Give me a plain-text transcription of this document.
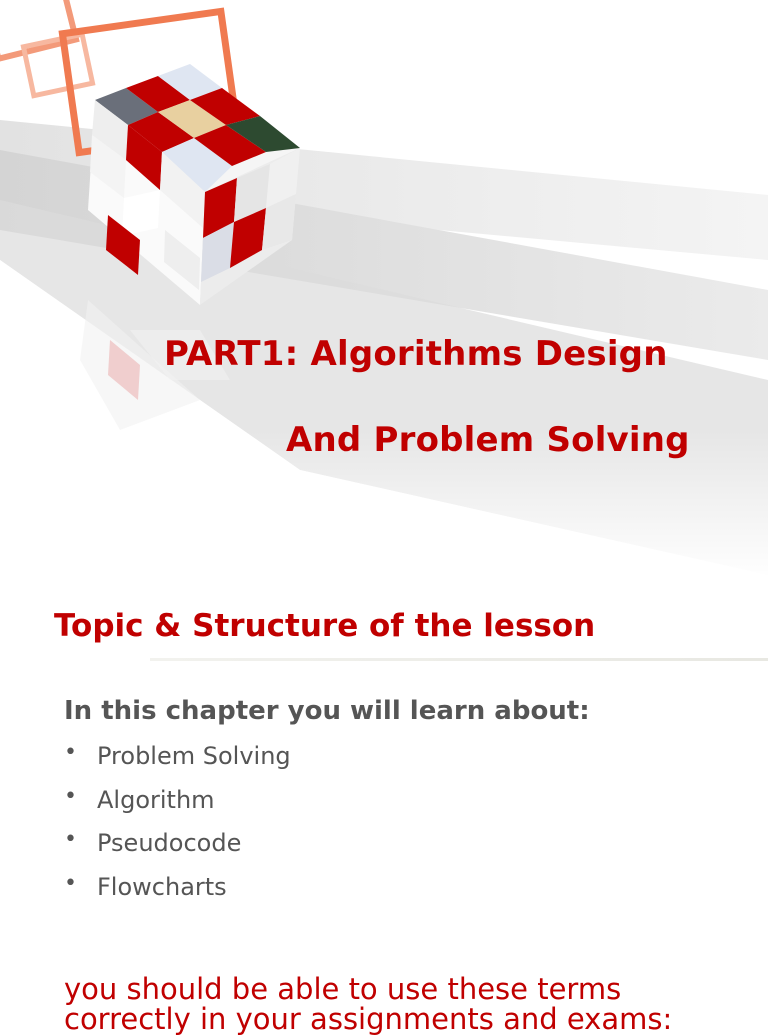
PART1: Algorithms Design
And Problem Solving
Topic & Structure of the lesson
In this chapter you will learn about:
• Problem Solving
• Algorithm
• Pseudocode
• Flowcharts
you should be able to use these terms
correctly in your assignments and exams:
